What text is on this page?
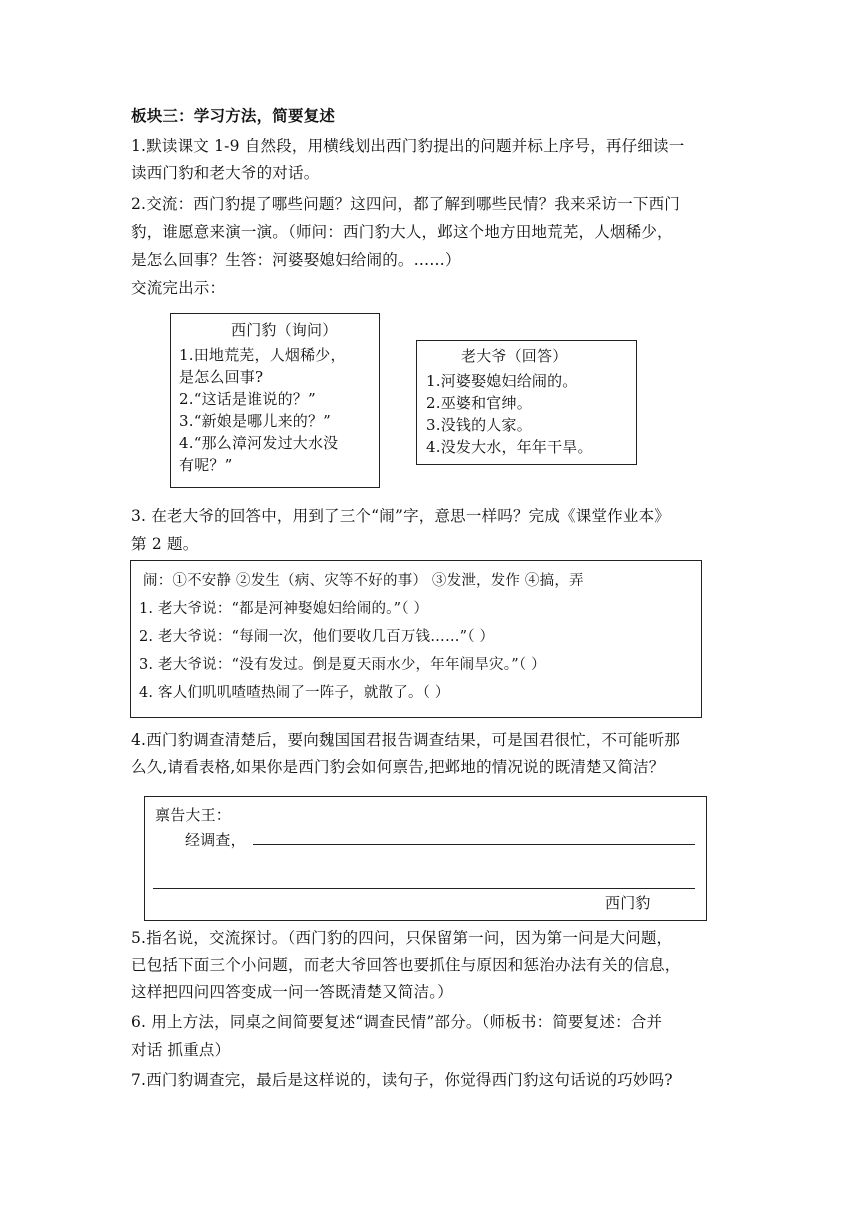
板块三：学习方法，简要复述
1.默读课文 1-9 自然段，用横线划出西门豹提出的问题并标上序号，再仔细读一
读西门豹和老大爷的对话。
2.交流：西门豹提了哪些问题？这四问，都了解到哪些民情？我来采访一下西门
豹，谁愿意来演一演。（师问：西门豹大人，邺这个地方田地荒芜，人烟稀少，
是怎么回事？生答：河婆娶媳妇给闹的。……）
交流完出示：
西门豹（询问）
1.田地荒芜，人烟稀少，
是怎么回事?
2.“这话是谁说的？”
3.“新娘是哪儿来的？”
4.“那么漳河发过大水没
有呢？”
老大爷（回答）
1.河婆娶媳妇给闹的。
2.巫婆和官绅。
3.没钱的人家。
4.没发大水，年年干旱。
3. 在老大爷的回答中，用到了三个“闹”字，意思一样吗？完成《课堂作业本》
第 2 题。
闹：①不安静 ②发生（病、灾等不好的事） ③发泄，发作 ④搞，弄
1. 老大爷说：“都是河神娶媳妇给闹的。”（ ）
2. 老大爷说：“每闹一次，他们要收几百万钱……”（ ）
3. 老大爷说：“没有发过。倒是夏天雨水少，年年闹旱灾。”（ ）
4. 客人们叽叽喳喳热闹了一阵子，就散了。（ ）
4.西门豹调查清楚后，要向魏国国君报告调查结果，可是国君很忙，不可能听那
么久,请看表格,如果你是西门豹会如何禀告,把邺地的情况说的既清楚又简洁？
禀告大王：
经调查，
西门豹
5.指名说，交流探讨。（西门豹的四问，只保留第一问，因为第一问是大问题，
已包括下面三个小问题，而老大爷回答也要抓住与原因和惩治办法有关的信息，
这样把四问四答变成一问一答既清楚又简洁。）
6. 用上方法，同桌之间简要复述“调查民情”部分。（师板书：简要复述：合并
对话 抓重点）
7.西门豹调查完，最后是这样说的，读句子，你觉得西门豹这句话说的巧妙吗?
